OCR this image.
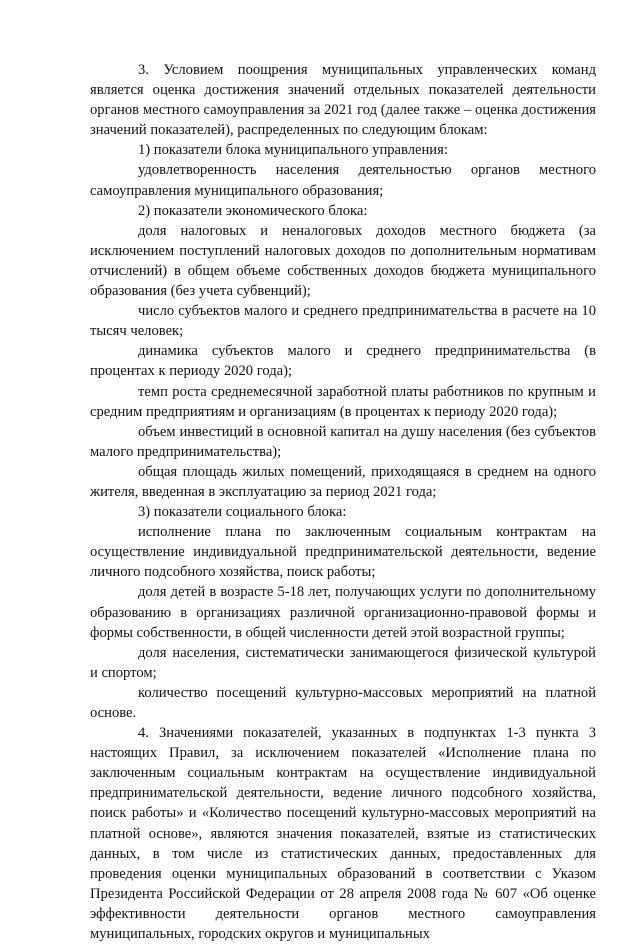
3. Условием поощрения муниципальных управленческих команд является оценка достижения значений отдельных показателей деятельности органов местного самоуправления за 2021 год (далее также – оценка достижения значений показателей), распределенных по следующим блокам:

1) показатели блока муниципального управления:

удовлетворенность населения деятельностью органов местного самоуправления муниципального образования;

2) показатели экономического блока:

доля налоговых и неналоговых доходов местного бюджета (за исключением поступлений налоговых доходов по дополнительным нормативам отчислений) в общем объеме собственных доходов бюджета муниципального образования (без учета субвенций);

число субъектов малого и среднего предпринимательства в расчете на 10 тысяч человек;

динамика субъектов малого и среднего предпринимательства (в процентах к периоду 2020 года);

темп роста среднемесячной заработной платы работников по крупным и средним предприятиям и организациям (в процентах к периоду 2020 года);

объем инвестиций в основной капитал на душу населения (без субъектов малого предпринимательства);

общая площадь жилых помещений, приходящаяся в среднем на одного жителя, введенная в эксплуатацию за период 2021 года;

3) показатели социального блока:

исполнение плана по заключенным социальным контрактам на осуществление индивидуальной предпринимательской деятельности, ведение личного подсобного хозяйства, поиск работы;

доля детей в возрасте 5-18 лет, получающих услуги по дополнительному образованию в организациях различной организационно-правовой формы и формы собственности, в общей численности детей этой возрастной группы;

доля населения, систематически занимающегося физической культурой и спортом;

количество посещений культурно-массовых мероприятий на платной основе.

4. Значениями показателей, указанных в подпунктах 1-3 пункта 3 настоящих Правил, за исключением показателей «Исполнение плана по заключенным социальным контрактам на осуществление индивидуальной предпринимательской деятельности, ведение личного подсобного хозяйства, поиск работы» и «Количество посещений культурно-массовых мероприятий на платной основе», являются значения показателей, взятые из статистических данных, в том числе из статистических данных, предоставленных для проведения оценки муниципальных образований в соответствии с Указом Президента Российской Федерации от 28 апреля 2008 года № 607 «Об оценке эффективности деятельности органов местного самоуправления муниципальных, городских округов и муниципальных
